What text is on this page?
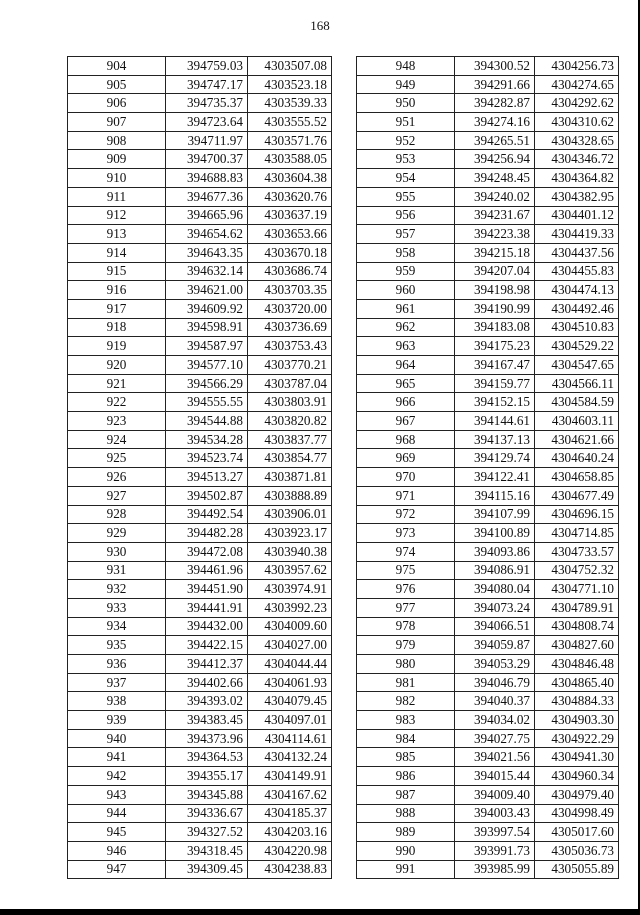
168
904	394759.03	4303507.08
905	394747.17	4303523.18
906	394735.37	4303539.33
907	394723.64	4303555.52
908	394711.97	4303571.76
909	394700.37	4303588.05
910	394688.83	4303604.38
911	394677.36	4303620.76
912	394665.96	4303637.19
913	394654.62	4303653.66
914	394643.35	4303670.18
915	394632.14	4303686.74
916	394621.00	4303703.35
917	394609.92	4303720.00
918	394598.91	4303736.69
919	394587.97	4303753.43
920	394577.10	4303770.21
921	394566.29	4303787.04
922	394555.55	4303803.91
923	394544.88	4303820.82
924	394534.28	4303837.77
925	394523.74	4303854.77
926	394513.27	4303871.81
927	394502.87	4303888.89
928	394492.54	4303906.01
929	394482.28	4303923.17
930	394472.08	4303940.38
931	394461.96	4303957.62
932	394451.90	4303974.91
933	394441.91	4303992.23
934	394432.00	4304009.60
935	394422.15	4304027.00
936	394412.37	4304044.44
937	394402.66	4304061.93
938	394393.02	4304079.45
939	394383.45	4304097.01
940	394373.96	4304114.61
941	394364.53	4304132.24
942	394355.17	4304149.91
943	394345.88	4304167.62
944	394336.67	4304185.37
945	394327.52	4304203.16
946	394318.45	4304220.98
947	394309.45	4304238.83
948	394300.52	4304256.73
949	394291.66	4304274.65
950	394282.87	4304292.62
951	394274.16	4304310.62
952	394265.51	4304328.65
953	394256.94	4304346.72
954	394248.45	4304364.82
955	394240.02	4304382.95
956	394231.67	4304401.12
957	394223.38	4304419.33
958	394215.18	4304437.56
959	394207.04	4304455.83
960	394198.98	4304474.13
961	394190.99	4304492.46
962	394183.08	4304510.83
963	394175.23	4304529.22
964	394167.47	4304547.65
965	394159.77	4304566.11
966	394152.15	4304584.59
967	394144.61	4304603.11
968	394137.13	4304621.66
969	394129.74	4304640.24
970	394122.41	4304658.85
971	394115.16	4304677.49
972	394107.99	4304696.15
973	394100.89	4304714.85
974	394093.86	4304733.57
975	394086.91	4304752.32
976	394080.04	4304771.10
977	394073.24	4304789.91
978	394066.51	4304808.74
979	394059.87	4304827.60
980	394053.29	4304846.48
981	394046.79	4304865.40
982	394040.37	4304884.33
983	394034.02	4304903.30
984	394027.75	4304922.29
985	394021.56	4304941.30
986	394015.44	4304960.34
987	394009.40	4304979.40
988	394003.43	4304998.49
989	393997.54	4305017.60
990	393991.73	4305036.73
991	393985.99	4305055.89
